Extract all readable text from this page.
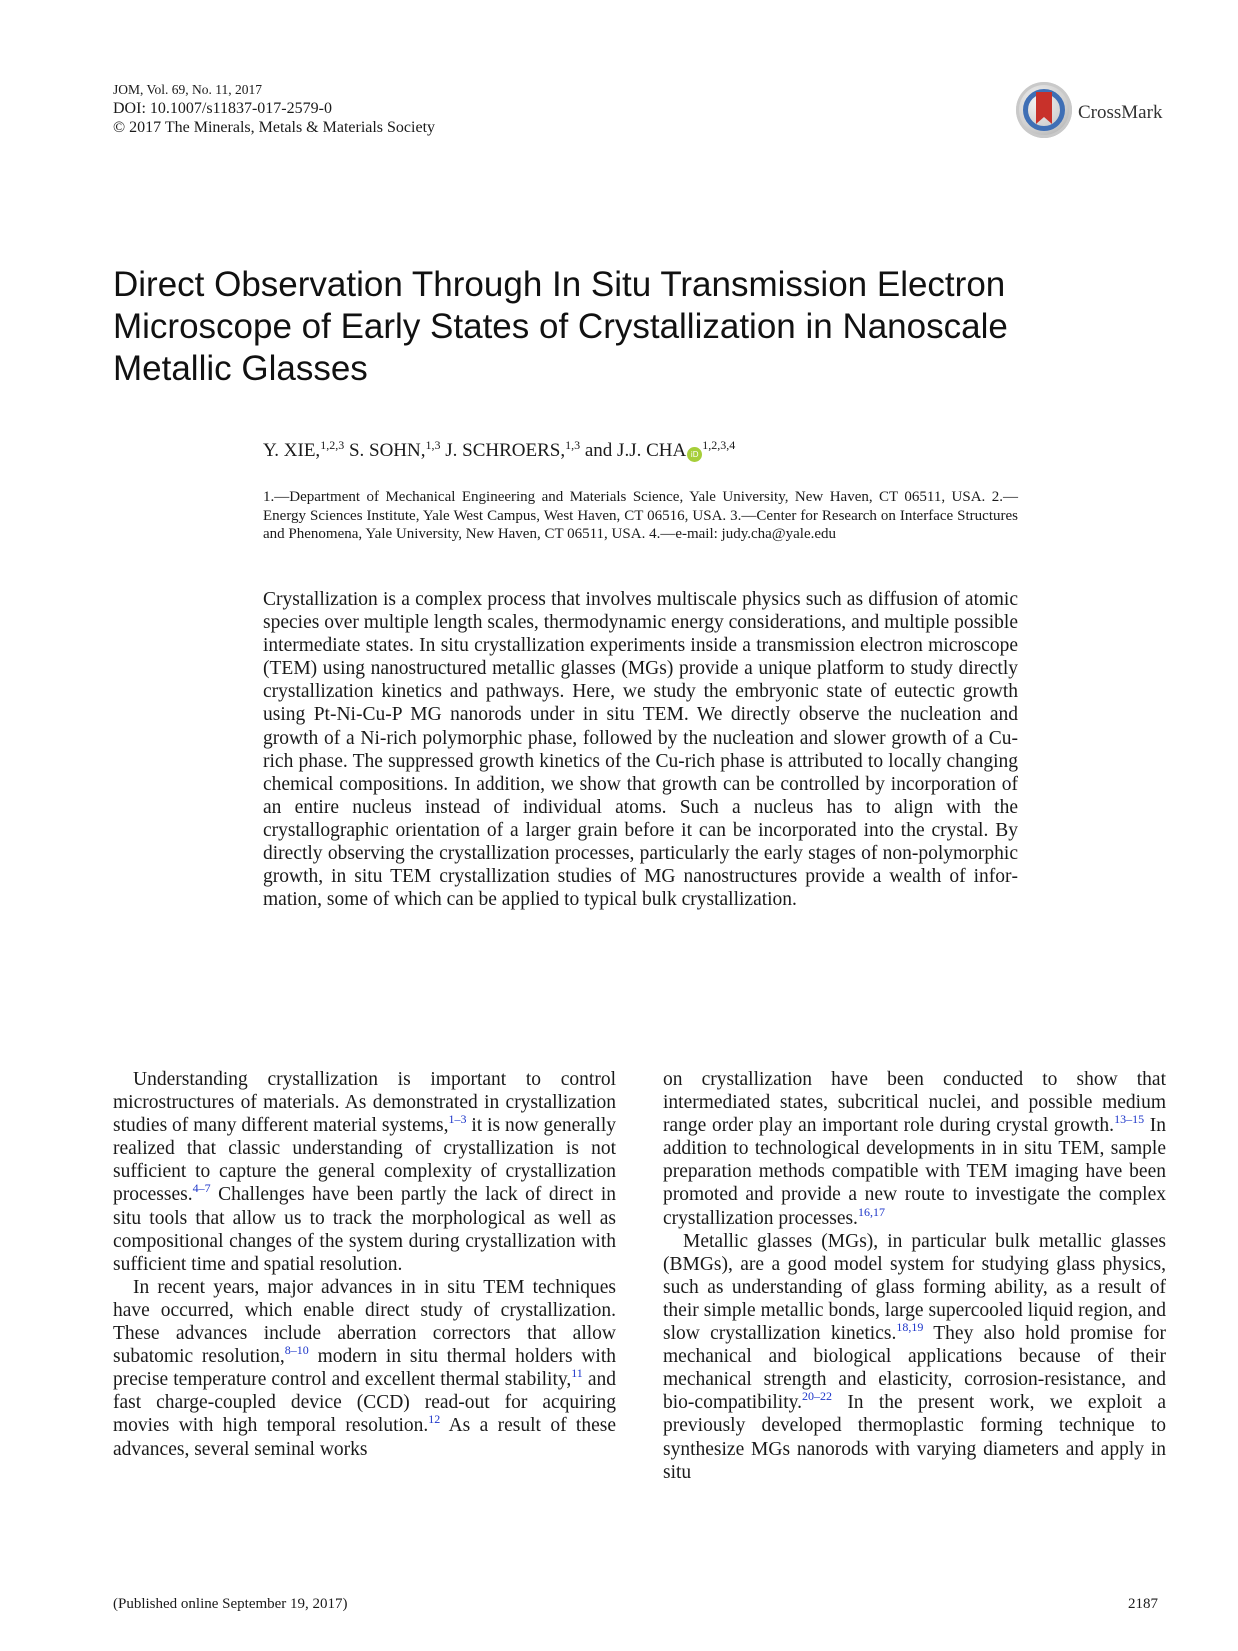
JOM, Vol. 69, No. 11, 2017
DOI: 10.1007/s11837-017-2579-0
© 2017 The Minerals, Metals & Materials Society
CrossMark
Direct Observation Through In Situ Transmission Electron Microscope of Early States of Crystallization in Nanoscale Metallic Glasses
Y. XIE,$^{1,2,3}$ S. SOHN,$^{1,3}$ J. SCHROERS,$^{1,3}$ and J.J. CHA iD$^{1,2,3,4}$
1.—Department of Mechanical Engineering and Materials Science, Yale University, New Haven, CT 06511, USA. 2.—Energy Sciences Institute, Yale West Campus, West Haven, CT 06516, USA. 3.—Center for Research on Interface Structures and Phenomena, Yale University, New Haven, CT 06511, USA. 4.—e-mail: judy.cha@yale.edu
Crystallization is a complex process that involves multiscale physics such as diffusion of atomic species over multiple length scales, thermodynamic energy considerations, and multiple possible intermediate states. In situ crystallization experiments inside a transmission electron microscope (TEM) using nanostructured metallic glasses (MGs) provide a unique platform to study directly crystallization kinetics and pathways. Here, we study the embryonic state of eutectic growth using Pt-Ni-Cu-P MG nanorods under in situ TEM. We directly observe the nucleation and growth of a Ni-rich polymorphic phase, followed by the nucleation and slower growth of a Cu-rich phase. The suppressed growth kinetics of the Cu-rich phase is attributed to locally changing chemical compositions. In addition, we show that growth can be controlled by incorporation of an entire nucleus instead of individual atoms. Such a nucleus has to align with the crystallographic orientation of a larger grain before it can be incorporated into the crystal. By directly observing the crystallization processes, particularly the early stages of non-polymorphic growth, in situ TEM crystallization studies of MG nanostructures provide a wealth of information, some of which can be applied to typical bulk crystallization.

Understanding crystallization is important to control microstructures of materials. As demonstrated in crystallization studies of many different material systems,$^{1-3}$ it is now generally realized that classic understanding of crystallization is not sufficient to capture the general complexity of crystallization processes.$^{4-7}$ Challenges have been partly the lack of direct in situ tools that allow us to track the morphological as well as compositional changes of the system during crystallization with sufficient time and spatial resolution.

In recent years, major advances in in situ TEM techniques have occurred, which enable direct study of crystallization. These advances include aberration correctors that allow subatomic resolution,$^{8-10}$ modern in situ thermal holders with precise temperature control and excellent thermal stability,$^{11}$ and fast charge-coupled device (CCD) read-out for acquiring movies with high temporal resolution.$^{12}$ As a result of these advances, several seminal works

on crystallization have been conducted to show that intermediated states, subcritical nuclei, and possible medium range order play an important role during crystal growth.$^{13-15}$ In addition to technological developments in in situ TEM, sample preparation methods compatible with TEM imaging have been promoted and provide a new route to investigate the complex crystallization processes.$^{16,17}$

Metallic glasses (MGs), in particular bulk metallic glasses (BMGs), are a good model system for studying glass physics, such as understanding of glass forming ability, as a result of their simple metallic bonds, large supercooled liquid region, and slow crystallization kinetics.$^{18,19}$ They also hold promise for mechanical and biological applications because of their mechanical strength and elasticity, corrosion-resistance, and bio-compatibility.$^{20-22}$ In the present work, we exploit a previously developed thermoplastic forming technique to synthesize MGs nanorods with varying diameters and apply in situ

(Published online September 19, 2017)	2187
